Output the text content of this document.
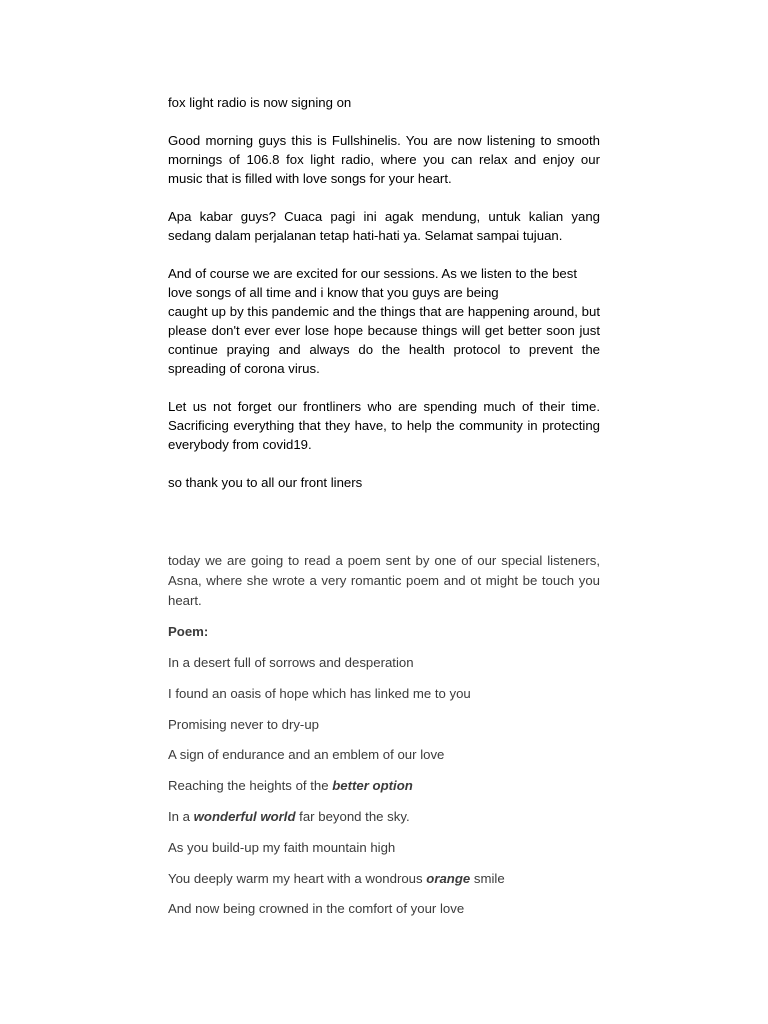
fox light radio is now signing on

Good morning guys this is Fullshinelis. You are now listening to smooth mornings of 106.8 fox light radio, where you can relax and enjoy our music that is filled with love songs for your heart.

Apa kabar guys? Cuaca pagi ini agak mendung, untuk kalian yang sedang dalam perjalanan tetap hati-hati ya. Selamat sampai tujuan.

And of course we are excited for our sessions. As we listen to the best love songs of all time and i know that you guys are being

caught up by this pandemic and the things that are happening around, but please don't ever ever lose hope because things will get better soon just continue praying and always do the health protocol to prevent the spreading of corona virus.

Let us not forget our frontliners who are spending much of their time. Sacrificing everything that they have, to help the community in protecting everybody from covid19.

so thank you to all our front liners

today we are going to read a poem sent by one of our special listeners, Asna, where she wrote a very romantic poem and ot might be touch you heart.

Poem:

In a desert full of sorrows and desperation

I found an oasis of hope which has linked me to you

Promising never to dry-up

A sign of endurance and an emblem of our love

Reaching the heights of the better option

In a wonderful world far beyond the sky.

As you build-up my faith mountain high

You deeply warm my heart with a wondrous orange smile

And now being crowned in the comfort of your love
